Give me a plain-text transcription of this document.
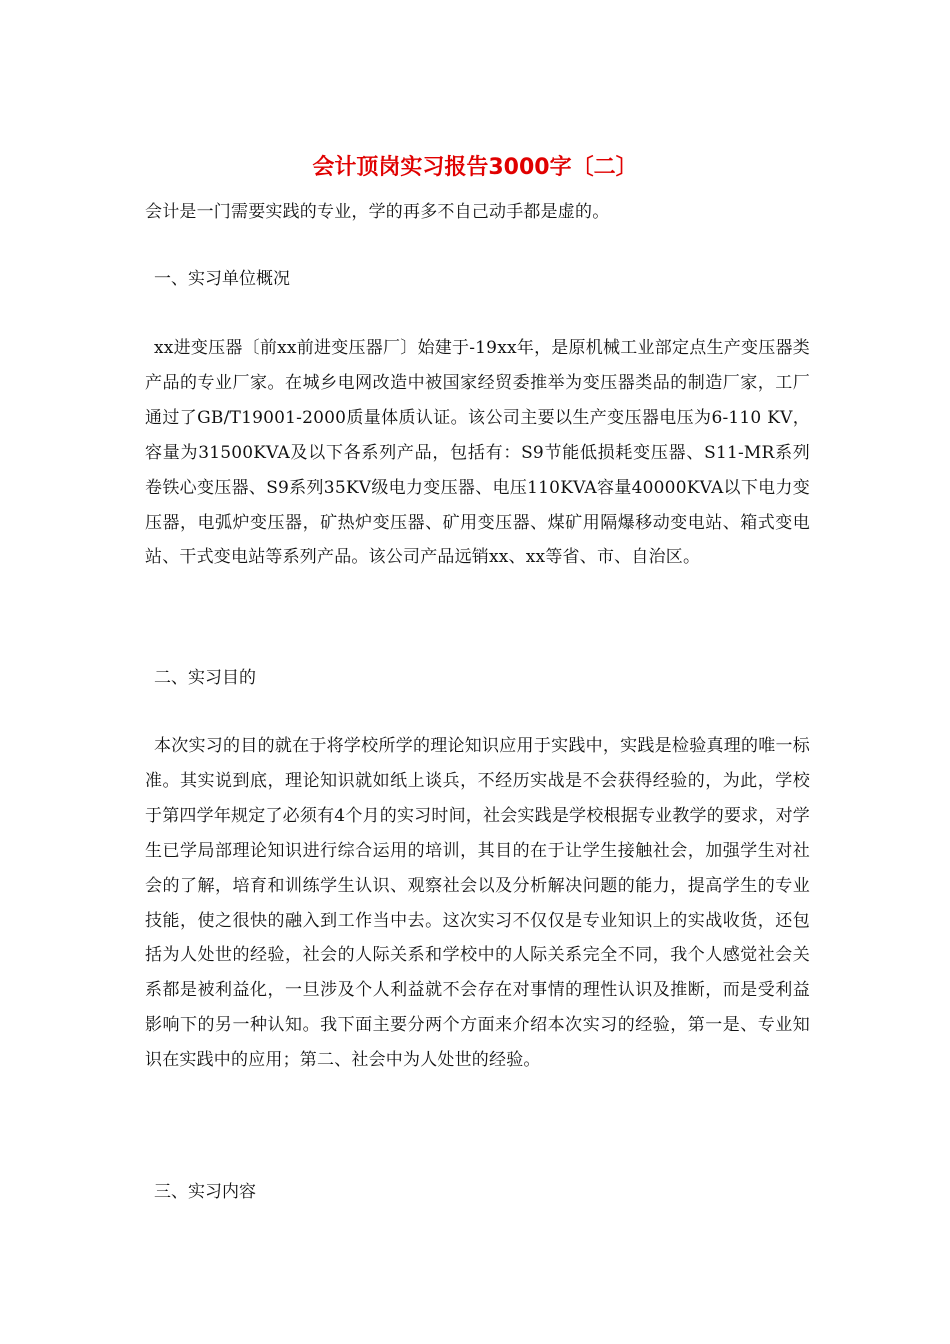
会计顶岗实习报告3000字〔二〕

会计是一门需要实践的专业，学的再多不自己动手都是虚的。

一、实习单位概况

xx进变压器〔前xx前进变压器厂〕始建于-19xx年，是原机械工业部定点生产变压器类产品的专业厂家。在城乡电网改造中被国家经贸委推举为变压器类品的制造厂家，工厂通过了GB/T19001-2000质量体质认证。该公司主要以生产变压器电压为6-110 KV，容量为31500KVA及以下各系列产品，包括有：S9节能低损耗变压器、S11-MR系列卷铁心变压器、S9系列35KV级电力变压器、电压110KVA容量40000KVA以下电力变压器，电弧炉变压器，矿热炉变压器、矿用变压器、煤矿用隔爆移动变电站、箱式变电站、干式变电站等系列产品。该公司产品远销xx、xx等省、市、自治区。

二、实习目的

本次实习的目的就在于将学校所学的理论知识应用于实践中，实践是检验真理的唯一标准。其实说到底，理论知识就如纸上谈兵，不经历实战是不会获得经验的，为此，学校于第四学年规定了必须有4个月的实习时间，社会实践是学校根据专业教学的要求，对学生已学局部理论知识进行综合运用的培训，其目的在于让学生接触社会，加强学生对社会的了解，培育和训练学生认识、观察社会以及分析解决问题的能力，提高学生的专业技能，使之很快的融入到工作当中去。这次实习不仅仅是专业知识上的实战收货，还包括为人处世的经验，社会的人际关系和学校中的人际关系完全不同，我个人感觉社会关系都是被利益化，一旦涉及个人利益就不会存在对事情的理性认识及推断，而是受利益影响下的另一种认知。我下面主要分两个方面来介绍本次实习的经验，第一是、专业知识在实践中的应用；第二、社会中为人处世的经验。

三、实习内容
